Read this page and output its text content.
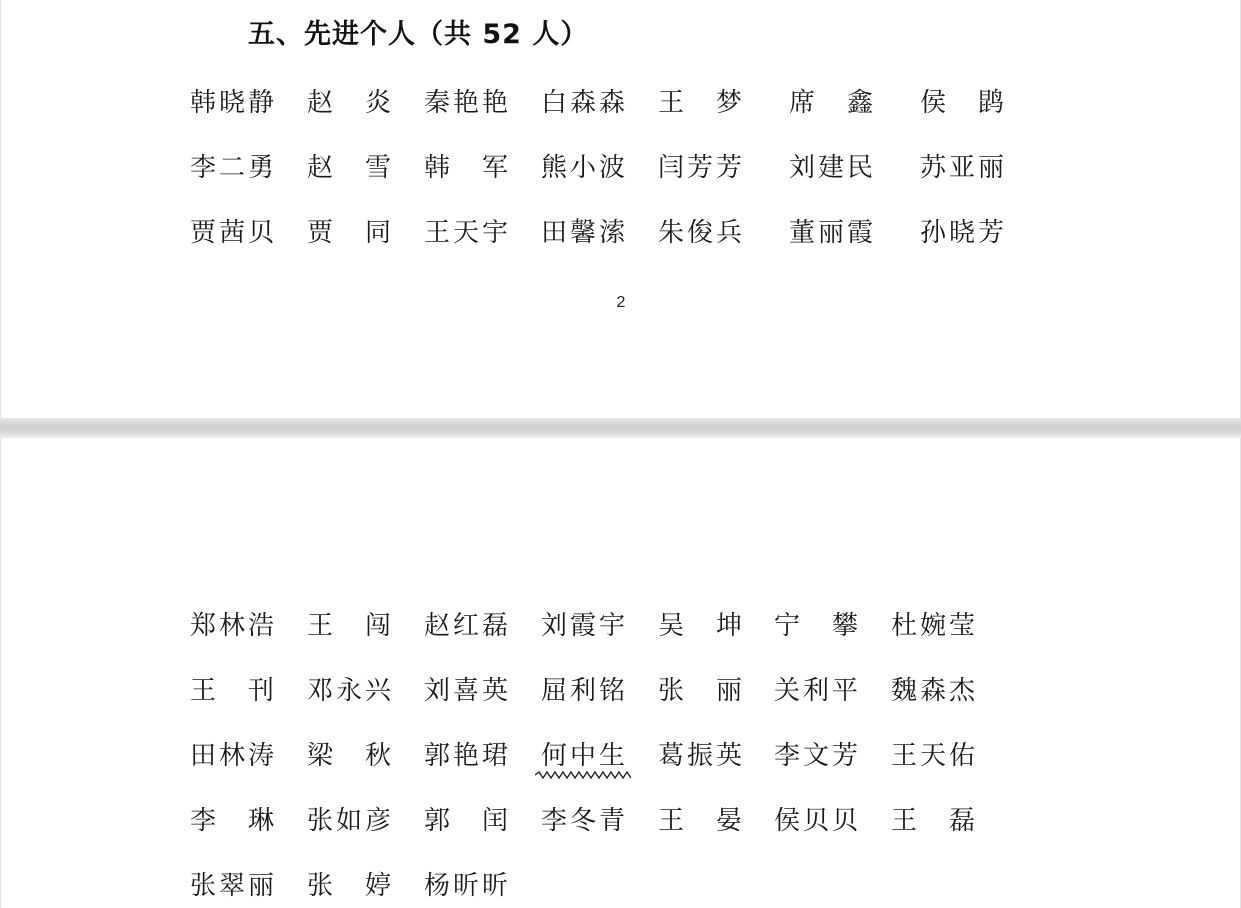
五、先进个人（共 52 人）
韩晓静 赵　炎 秦艳艳 白森森 王　梦 席　鑫 侯　鹍
李二勇 赵　雪 韩　军 熊小波 闫芳芳 刘建民 苏亚丽
贾茜贝 贾　同 王天宇 田馨溹 朱俊兵 董丽霞 孙晓芳
2
郑林浩 王　闯 赵红磊 刘霞宇 吴　坤 宁　攀 杜婉莹
王　刊 邓永兴 刘喜英 屈利铭 张　丽 关利平 魏森杰
田林涛 梁　秋 郭艳珺 何中生 葛振英 李文芳 王天佑
李　琳 张如彦 郭　闰 李冬青 王　晏 侯贝贝 王　磊
张翠丽 张　婷 杨昕昕
